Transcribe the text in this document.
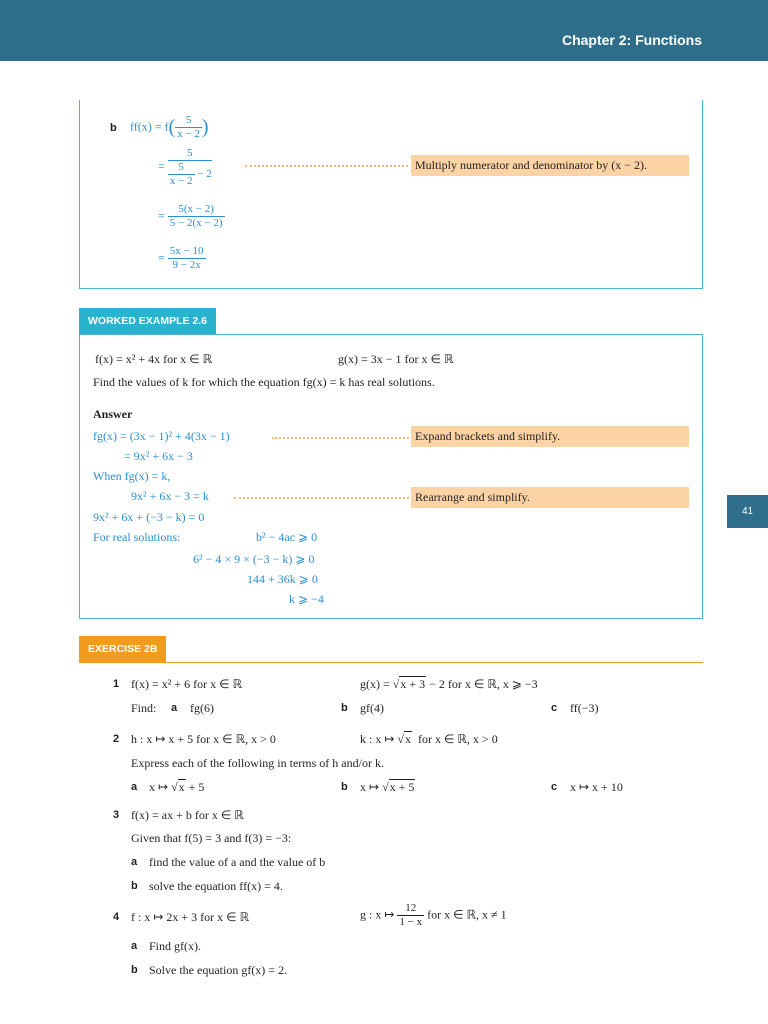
Chapter 2: Functions
41
b $ff(x) = f( \frac{5}{x - 2}$ )
= $\frac{5}{\frac{5}{x - 2} - 2}$	Multiply numerator and denominator by (x − 2).
= $\frac{5(x - 2)}{5 - 2(x - 2)}$
= $\frac{5x - 10}{9 - 2x}$
WORKED EXAMPLE 2.6
f(x) = x² + 4x for x ∈ ℝ	g(x) = 3x − 1 for x ∈ ℝ
Find the values of k for which the equation fg(x) = k has real solutions.
Answer
fg(x) = (3x − 1)² + 4(3x − 1)	Expand brackets and simplify.
= 9x² + 6x − 3
When fg(x) = k,
9x² + 6x − 3 = k	Rearrange and simplify.
9x² + 6x + (−3 − k) = 0
For real solutions:	b² − 4ac ⩾ 0
6² − 4 × 9 × (−3 − k) ⩾ 0
144 + 36k ⩾ 0
k ⩾ −4
EXERCISE 2B
1 f(x) = x² + 6 for x ∈ ℝ	g(x) = √x + 3 − 2 for x ∈ ℝ, x ⩾ −3
Find: a fg(6)	b gf(4)	c ff(−3)
2 h : x ↦ x + 5 for x ∈ ℝ, x > 0	k : x ↦ √x for x ∈ ℝ, x > 0
Express each of the following in terms of h and/or k.
a x ↦ √x + 5	b x ↦ √x + 5	c x ↦ x + 10
3 f(x) = ax + b for x ∈ ℝ
Given that f(5) = 3 and f(3) = −3:
a find the value of a and the value of b
b solve the equation ff(x) = 4.
4 f : x ↦ 2x + 3 for x ∈ ℝ	g : x ↦ $\frac{12}{1 - x}$ for x ∈ ℝ, x ≠ 1
a Find gf(x).
b Solve the equation gf(x) = 2.
